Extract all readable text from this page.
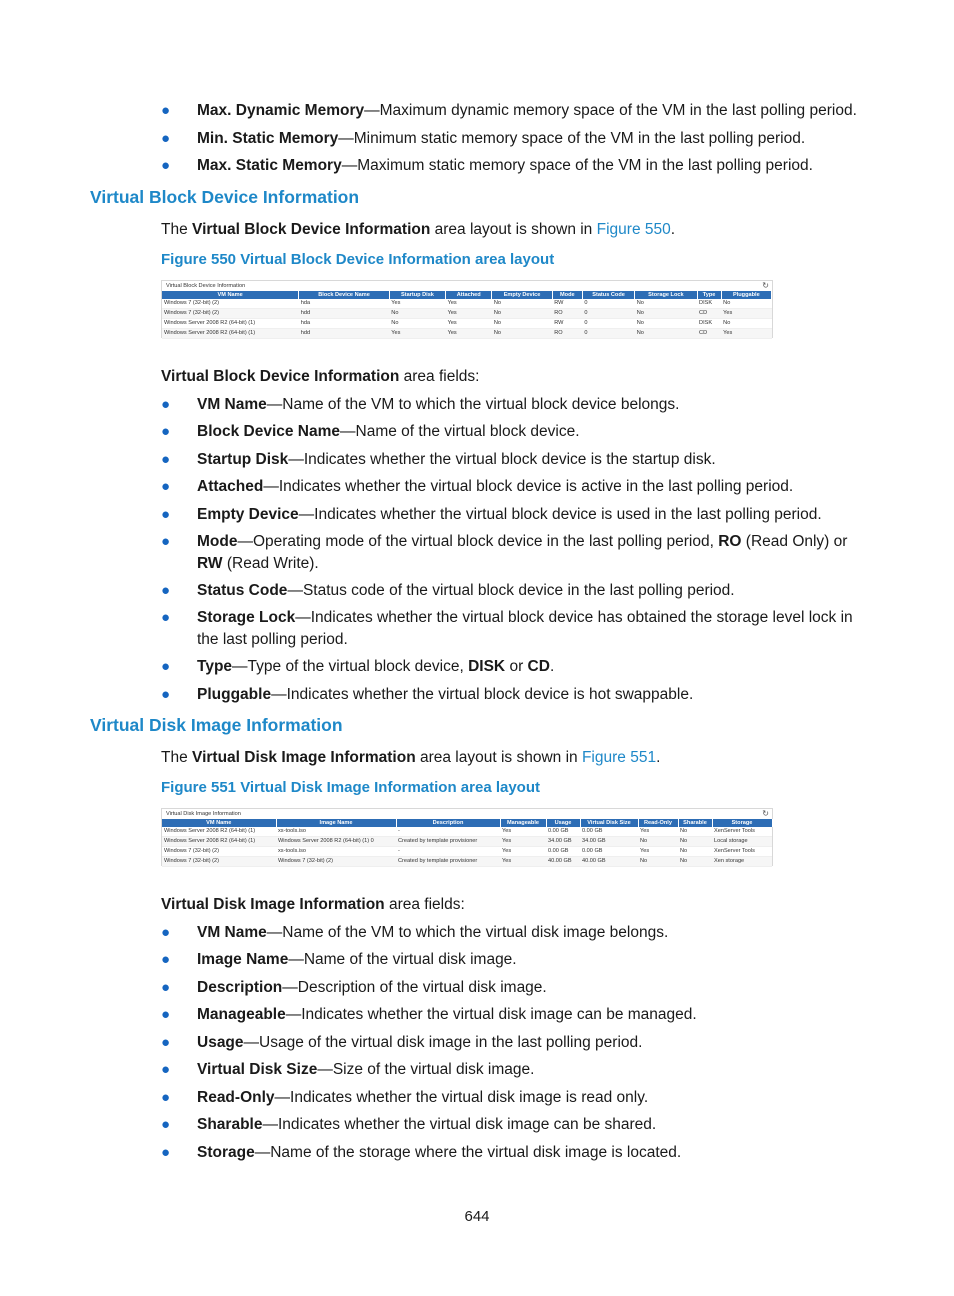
● Max. Dynamic Memory—Maximum dynamic memory space of the VM in the last polling period.
● Min. Static Memory—Minimum static memory space of the VM in the last polling period.
● Max. Static Memory—Maximum static memory space of the VM in the last polling period.
Virtual Block Device Information
The Virtual Block Device Information area layout is shown in Figure 550.
Figure 550 Virtual Block Device Information area layout
Virtual Block Device Information	↻
VM Name	Block Device Name	Startup Disk	Attached	Empty Device	Mode	Status Code	Storage Lock	Type	Pluggable
Windows 7 (32-bit) (2)	hda	Yes	Yes	No	RW	0	No	DISK	No
Windows 7 (32-bit) (2)	hdd	No	Yes	No	RO	0	No	CD	Yes
Windows Server 2008 R2 (64-bit) (1)	hda	No	Yes	No	RW	0	No	DISK	No
Windows Server 2008 R2 (64-bit) (1)	hdd	Yes	Yes	No	RO	0	No	CD	Yes
Virtual Block Device Information area fields:
● VM Name—Name of the VM to which the virtual block device belongs.
● Block Device Name—Name of the virtual block device.
● Startup Disk—Indicates whether the virtual block device is the startup disk.
● Attached—Indicates whether the virtual block device is active in the last polling period.
● Empty Device—Indicates whether the virtual block device is used in the last polling period.
● Mode—Operating mode of the virtual block device in the last polling period, RO (Read Only) or RW (Read Write).
● Status Code—Status code of the virtual block device in the last polling period.
● Storage Lock—Indicates whether the virtual block device has obtained the storage level lock in the last polling period.
● Type—Type of the virtual block device, DISK or CD.
● Pluggable—Indicates whether the virtual block device is hot swappable.
Virtual Disk Image Information
The Virtual Disk Image Information area layout is shown in Figure 551.
Figure 551 Virtual Disk Image Information area layout
Virtual Disk Image Information	↻
VM Name	Image Name	Description	Manageable	Usage	Virtual Disk Size	Read-Only	Sharable	Storage
Windows Server 2008 R2 (64-bit) (1)	xs-tools.iso	-	Yes	0.00 GB	0.00 GB	Yes	No	XenServer Tools
Windows Server 2008 R2 (64-bit) (1)	Windows Server 2008 R2 (64-bit) (1) 0	Created by template provisioner	Yes	34.00 GB	34.00 GB	No	No	Local storage
Windows 7 (32-bit) (2)	xs-tools.iso	-	Yes	0.00 GB	0.00 GB	Yes	No	XenServer Tools
Windows 7 (32-bit) (2)	Windows 7 (32-bit) (2)	Created by template provisioner	Yes	40.00 GB	40.00 GB	No	No	Xen storage
Virtual Disk Image Information area fields:
● VM Name—Name of the VM to which the virtual disk image belongs.
● Image Name—Name of the virtual disk image.
● Description—Description of the virtual disk image.
● Manageable—Indicates whether the virtual disk image can be managed.
● Usage—Usage of the virtual disk image in the last polling period.
● Virtual Disk Size—Size of the virtual disk image.
● Read-Only—Indicates whether the virtual disk image is read only.
● Sharable—Indicates whether the virtual disk image can be shared.
● Storage—Name of the storage where the virtual disk image is located.
644
